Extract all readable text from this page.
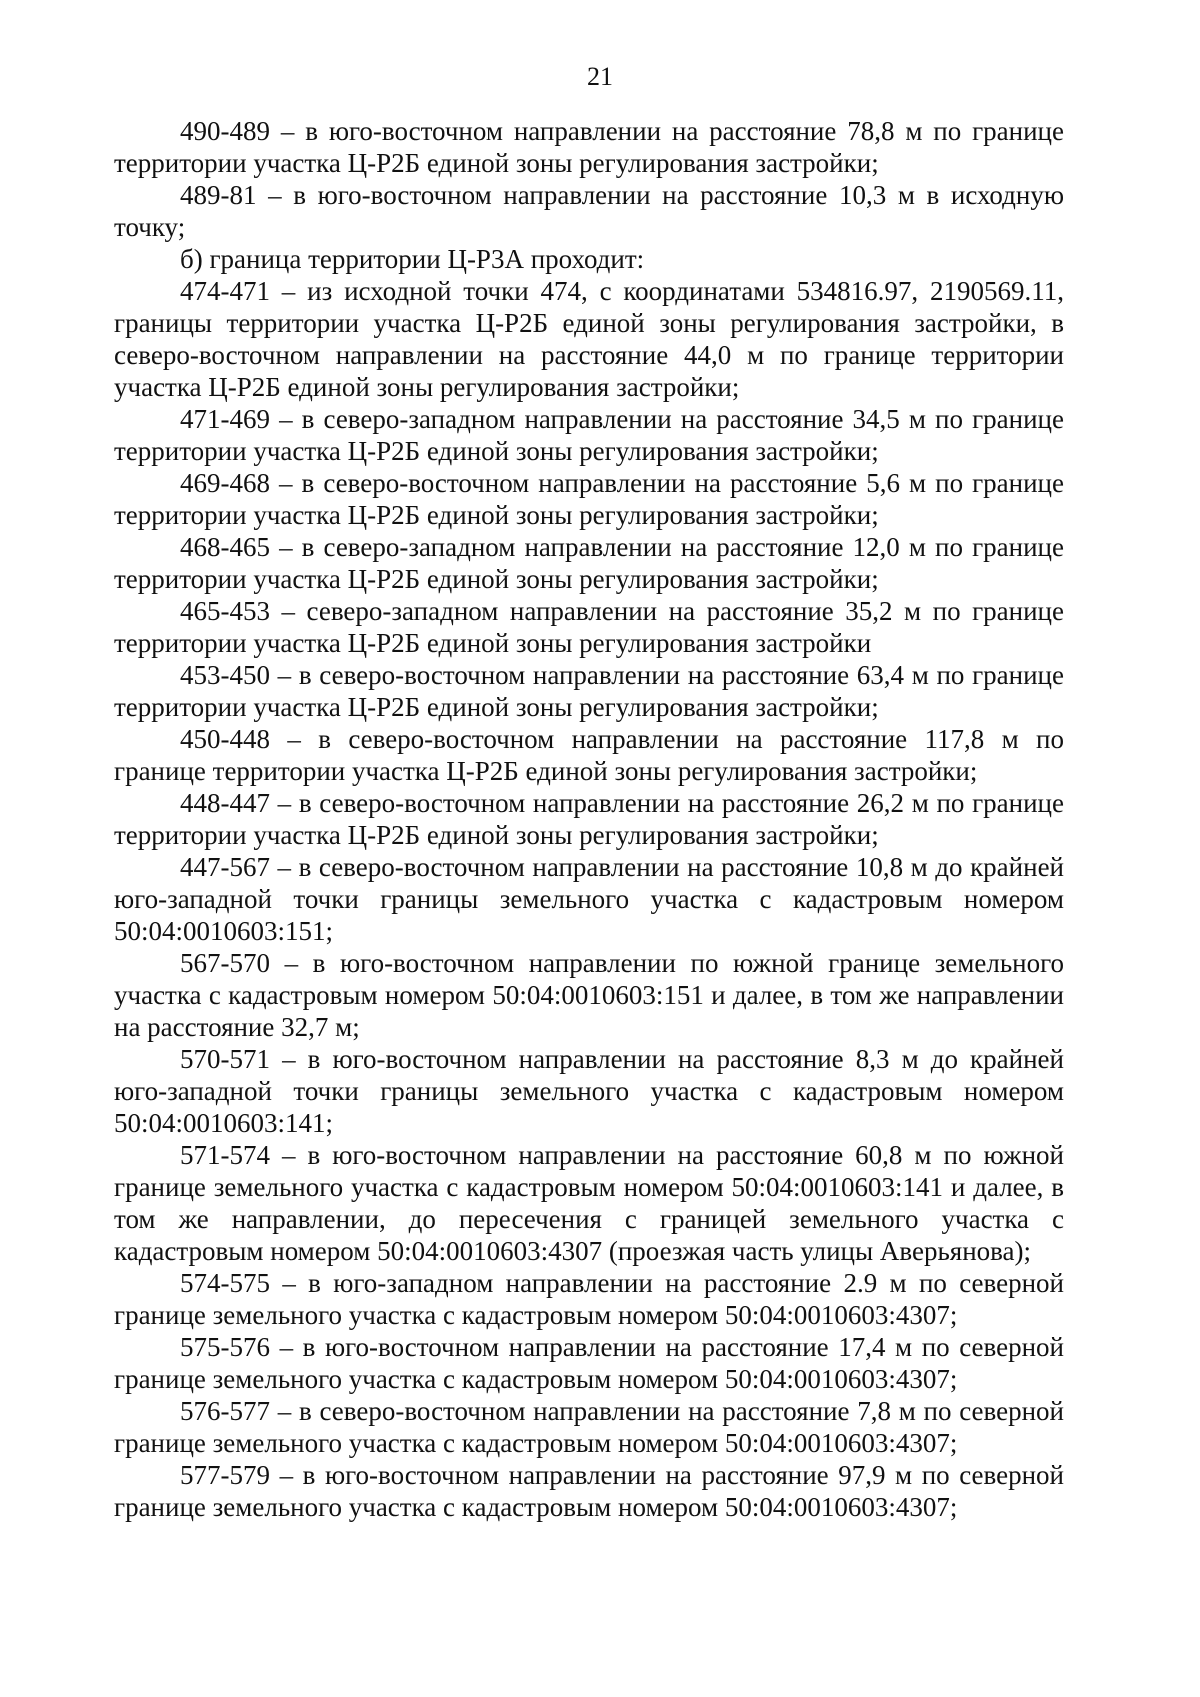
21

490-489 – в юго-восточном направлении на расстояние 78,8 м по границе территории участка Ц-Р2Б единой зоны регулирования застройки;

489-81 – в юго-восточном направлении на расстояние 10,3 м в исходную точку;

б) граница территории Ц-Р3А проходит:

474-471 – из исходной точки 474, с координатами 534816.97, 2190569.11, границы территории участка Ц-Р2Б единой зоны регулирования застройки, в северо-восточном направлении на расстояние 44,0 м по границе территории участка Ц-Р2Б единой зоны регулирования застройки;

471-469 – в северо-западном направлении на расстояние 34,5 м по границе территории участка Ц-Р2Б единой зоны регулирования застройки;

469-468 – в северо-восточном направлении на расстояние 5,6 м по границе территории участка Ц-Р2Б единой зоны регулирования застройки;

468-465 – в северо-западном направлении на расстояние 12,0 м по границе территории участка Ц-Р2Б единой зоны регулирования застройки;

465-453 – северо-западном направлении на расстояние 35,2 м по границе территории участка Ц-Р2Б единой зоны регулирования застройки

453-450 – в северо-восточном направлении на расстояние 63,4 м по границе территории участка Ц-Р2Б единой зоны регулирования застройки;

450-448 – в северо-восточном направлении на расстояние 117,8 м по границе территории участка Ц-Р2Б единой зоны регулирования застройки;

448-447 – в северо-восточном направлении на расстояние 26,2 м по границе территории участка Ц-Р2Б единой зоны регулирования застройки;

447-567 – в северо-восточном направлении на расстояние 10,8 м до крайней юго-западной точки границы земельного участка с кадастровым номером 50:04:0010603:151;

567-570 – в юго-восточном направлении по южной границе земельного участка с кадастровым номером 50:04:0010603:151 и далее, в том же направлении на расстояние 32,7 м;

570-571 – в юго-восточном направлении на расстояние 8,3 м до крайней юго-западной точки границы земельного участка с кадастровым номером 50:04:0010603:141;

571-574 – в юго-восточном направлении на расстояние 60,8 м по южной границе земельного участка с кадастровым номером 50:04:0010603:141 и далее, в том же направлении, до пересечения с границей земельного участка с кадастровым номером 50:04:0010603:4307 (проезжая часть улицы Аверьянова);

574-575 – в юго-западном направлении на расстояние 2.9 м по северной границе земельного участка с кадастровым номером 50:04:0010603:4307;

575-576 – в юго-восточном направлении на расстояние 17,4 м по северной границе земельного участка с кадастровым номером 50:04:0010603:4307;

576-577 – в северо-восточном направлении на расстояние 7,8 м по северной границе земельного участка с кадастровым номером 50:04:0010603:4307;

577-579 – в юго-восточном направлении на расстояние 97,9 м по северной границе земельного участка с кадастровым номером 50:04:0010603:4307;
